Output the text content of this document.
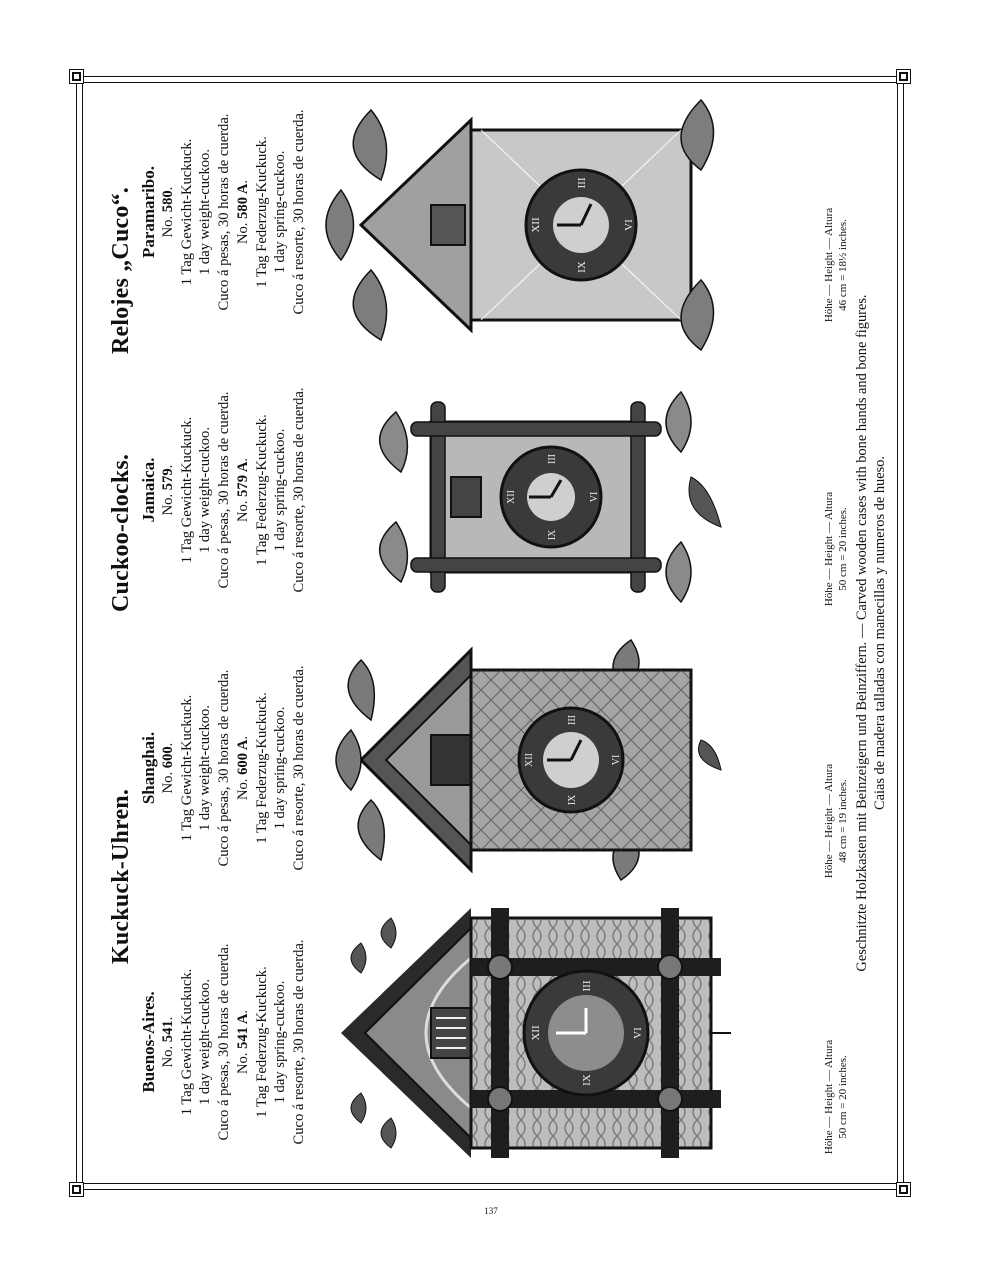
Kuckuck-Uhren.
Cuckoo-clocks.
Relojes „Cuco“.
Buenos-Aires. No. 541. 1 Tag Gewicht-Kuckuck. 1 day weight-cuckoo. Cuco á pesas, 30 horas de cuerda. No. 541 A. 1 Tag Federzug-Kuckuck. 1 day spring-cuckoo. Cuco á resorte, 30 horas de cuerda.
Shanghai. No. 600. 1 Tag Gewicht-Kuckuck. 1 day weight-cuckoo. Cuco á pesas, 30 horas de cuerda. No. 600 A. 1 Tag Federzug-Kuckuck. 1 day spring-cuckoo. Cuco á resorte, 30 horas de cuerda.
Jamaica. No. 579. 1 Tag Gewicht-Kuckuck. 1 day weight-cuckoo. Cuco á pesas, 30 horas de cuerda. No. 579 A. 1 Tag Federzug-Kuckuck. 1 day spring-cuckoo. Cuco á resorte, 30 horas de cuerda.
Paramaribo. No. 580. 1 Tag Gewicht-Kuckuck. 1 day weight-cuckoo. Cuco á pesas, 30 horas de cuerda. No. 580 A. 1 Tag Federzug-Kuckuck. 1 day spring-cuckoo. Cuco á resorte, 30 horas de cuerda.
XII	VI
III
IX
XII	VI
III
IX
XII	VI
III
IX
XII	VI
III
IX
Höhe — Height — Altura 50 cm = 20 inches.
Höhe — Height — Altura 48 cm = 19 inches.
Höhe — Height — Altura 50 cm = 20 inches.
Höhe — Height — Altura 46 cm = 18½ inches.
Geschnitzte Holzkasten mit Beinzeigern und Beinziffern. — Carved wooden cases with bone hands and bone figures. Caias de madera talladas con manecillas y numeros de hueso.
137
